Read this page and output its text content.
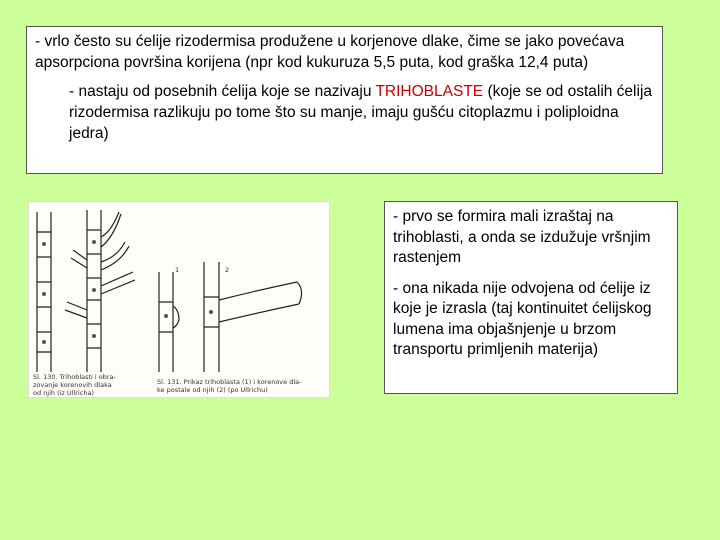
- vrlo često su ćelije rizodermisa produžene u korjenove dlake, čime se jako povećava apsorpciona površina korijena (npr kod kukuruza 5,5 puta, kod graška 12,4 puta)

- nastaju od posebnih ćelija koje se nazivaju TRIHOBLASTE (koje se od ostalih ćelija rizodermisa razlikuju po tome što su manje, imaju gušću citoplazmu i poliploidna jedra)

1	2
Sl. 130. Trihoblasti i obra-
zovanje korenovih dlaka
od njih (iz Ullricha)
Sl. 131. Prikaz trihoblasta (1) i korenove dla-
ke postale od njih (2) (po Ullrichu)

- prvo se formira mali izraštaj na trihoblasti, a onda se izdužuje vršnjim rastenjem

- ona nikada nije odvojena od ćelije iz koje je izrasla (taj kontinuitet ćelijskog lumena ima objašnjenje u brzom transportu primljenih materija)
